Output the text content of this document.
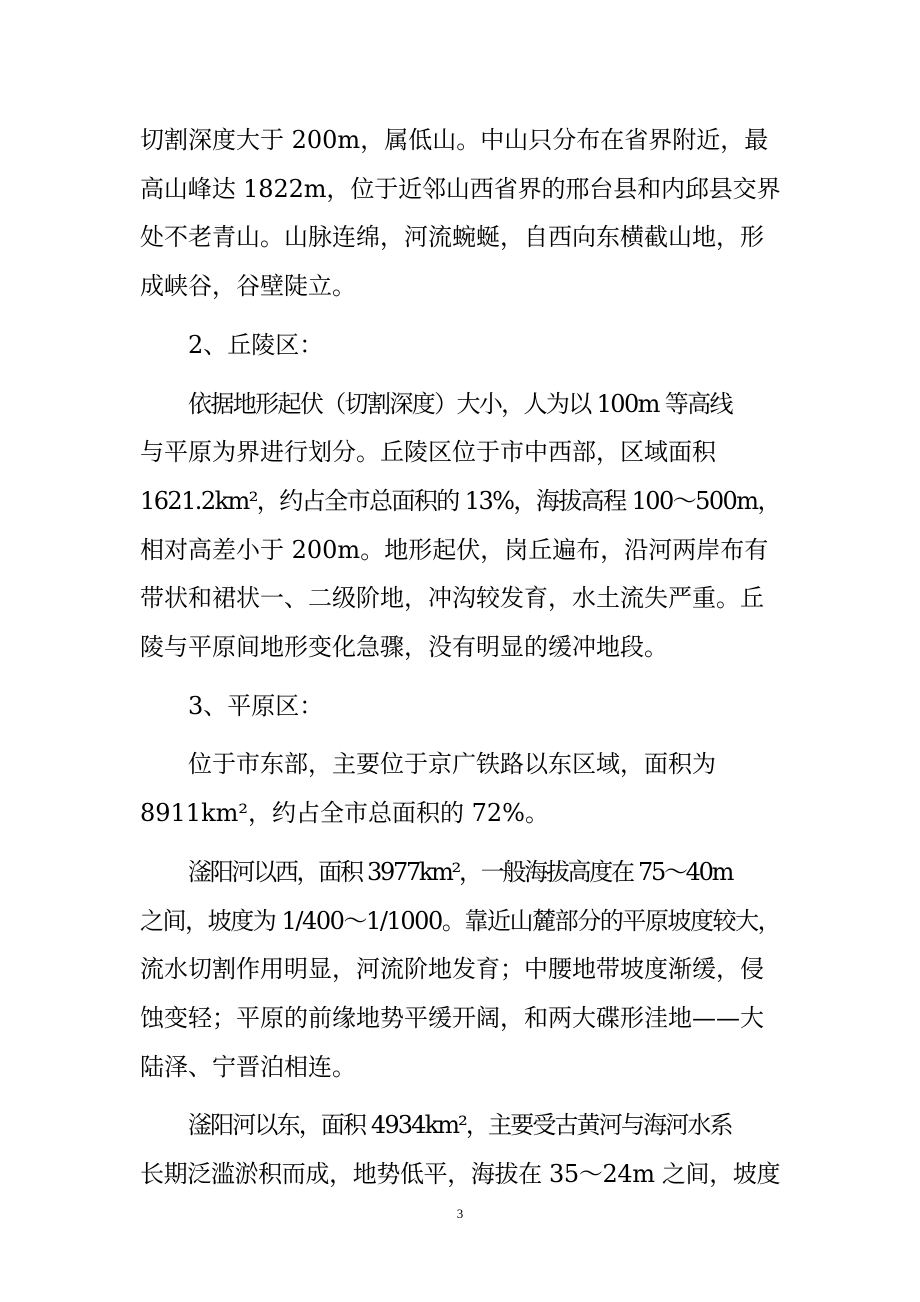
切割深度大于 200m，属低山。中山只分布在省界附近，最
高山峰达 1822m，位于近邻山西省界的邢台县和内邱县交界
处不老青山。山脉连绵，河流蜿蜒，自西向东横截山地，形
成峡谷，谷壁陡立。

2、丘陵区：

依据地形起伏（切割深度）大小，人为以 100m 等高线
与平原为界进行划分。丘陵区位于市中西部，区域面积
1621.2km²，约占全市总面积的 13%，海拔高程 100～500m，
相对高差小于 200m。地形起伏，岗丘遍布，沿河两岸布有
带状和裙状一、二级阶地，冲沟较发育，水土流失严重。丘
陵与平原间地形变化急骤，没有明显的缓冲地段。

3、平原区：

位于市东部，主要位于京广铁路以东区域，面积为
8911km²，约占全市总面积的 72%。

滏阳河以西，面积 3977km²，一般海拔高度在 75～40m
之间，坡度为 1/400～1/1000。靠近山麓部分的平原坡度较大，
流水切割作用明显，河流阶地发育；中腰地带坡度渐缓，侵
蚀变轻；平原的前缘地势平缓开阔，和两大碟形洼地——大
陆泽、宁晋泊相连。

滏阳河以东，面积 4934km²，主要受古黄河与海河水系
长期泛滥淤积而成，地势低平，海拔在 35～24m 之间，坡度

3
